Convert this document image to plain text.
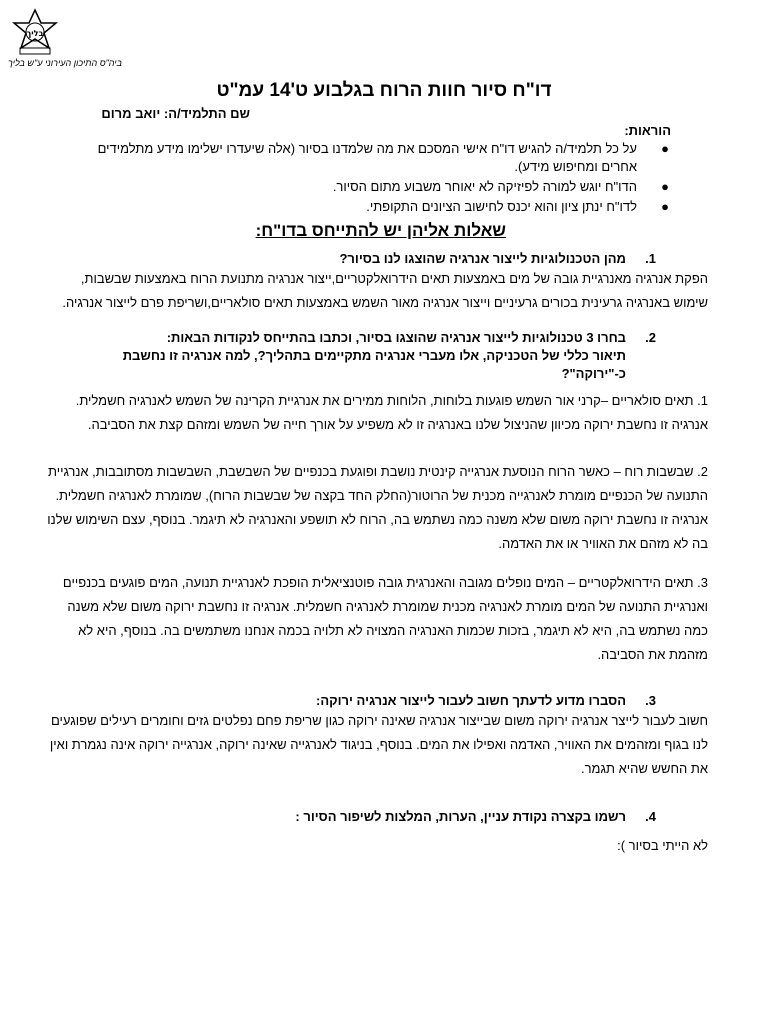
בליך
ביה"ס התיכון העירוני ע"ש בליך
דו"ח סיור חוות הרוח בגלבוע ט'14 עמ"ט
שם התלמיד/ה: יואב מרום
הוראות:
●
על כל תלמיד/ה להגיש דו"ח אישי המסכם את מה שלמדנו בסיור (אלה שיעדרו ישלימו מידע מתלמידים אחרים ומחיפוש מידע).
●
הדו"ח יוגש למורה לפיזיקה לא יאוחר משבוע מתום הסיור.
●
לדו"ח ינתן ציון והוא יכנס לחישוב הציונים התקופתי.
שאלות אליהן יש להתייחס בדו"ח:
1.מהן הטכנולוגיות לייצור אנרגיה שהוצגו לנו בסיור?
הפקת אנרגיה מאנרגיית גובה של מים באמצעות תאים הידרואלקטריים,ייצור אנרגיה מתנועת הרוח באמצעות שבשבות, שימוש באנרגיה גרעינית בכורים גרעיניים וייצור אנרגיה מאור השמש באמצעות תאים סולאריים,ושריפת פרם לייצור אנרגיה.
2.בחרו 3 טכנולוגיות לייצור אנרגיה שהוצגו בסיור, וכתבו בהתייחס לנקודות הבאות:
תיאור כללי של הטכניקה, אלו מעברי אנרגיה מתקיימים בתהליך?, למה אנרגיה זו נחשבת כ-"ירוקה"?
1. תאים סולאריים –קרני אור השמש פוגעות בלוחות, הלוחות ממירים את אנרגיית הקרינה של השמש לאנרגיה חשמלית. אנרגיה זו נחשבת ירוקה מכיוון שהניצול שלנו באנרגיה זו לא משפיע על אורך חייה של השמש ומזהם קצת את הסביבה.
2. שבשבות רוח – כאשר הרוח הנוסעת אנרגייה קינטית נושבת ופוגעת בכנפיים של השבשבת, השבשבות מסתובבות, אנרגיית התנועה של הכנפיים מומרת לאנרגייה מכנית של הרוטור(החלק החד בקצה של שבשבות הרוח), שמומרת לאנרגיה חשמלית. אנרגיה זו נחשבת ירוקה משום שלא משנה כמה נשתמש בה, הרוח לא תושפע והאנרגיה לא תיגמר. בנוסף, עצם השימוש שלנו בה לא מזהם את האוויר או את האדמה.
3. תאים הידרואלקטריים – המים נופלים מגובה והאנרגית גובה פוטנציאלית הופכת לאנרגיית תנועה, המים פוגעים בכנפיים ואנרגיית התנועה של המים מומרת לאנרגיה מכנית שמומרת לאנרגיה חשמלית. אנרגיה זו נחשבת ירוקה משום שלא משנה כמה נשתמש בה, היא לא תיגמר, בזכות שכמות האנרגיה המצויה לא תלויה בכמה אנחנו משתמשים בה. בנוסף, היא לא מזהמת את הסביבה.
3.הסברו מדוע לדעתך חשוב לעבור לייצור אנרגיה ירוקה:
חשוב לעבור לייצר אנרגיה ירוקה משום שבייצור אנרגיה שאינה ירוקה כגון שריפת פחם נפלטים גזים וחומרים רעילים שפוגעים לנו בגוף ומזהמים את האוויר, האדמה ואפילו את המים. בנוסף, בניגוד לאנרגייה שאינה ירוקה, אנרגייה ירוקה אינה נגמרת ואין את החשש שהיא תגמר.
4.רשמו בקצרה נקודת עניין, הערות, המלצות לשיפור הסיור :
לא הייתי בסיור ):
